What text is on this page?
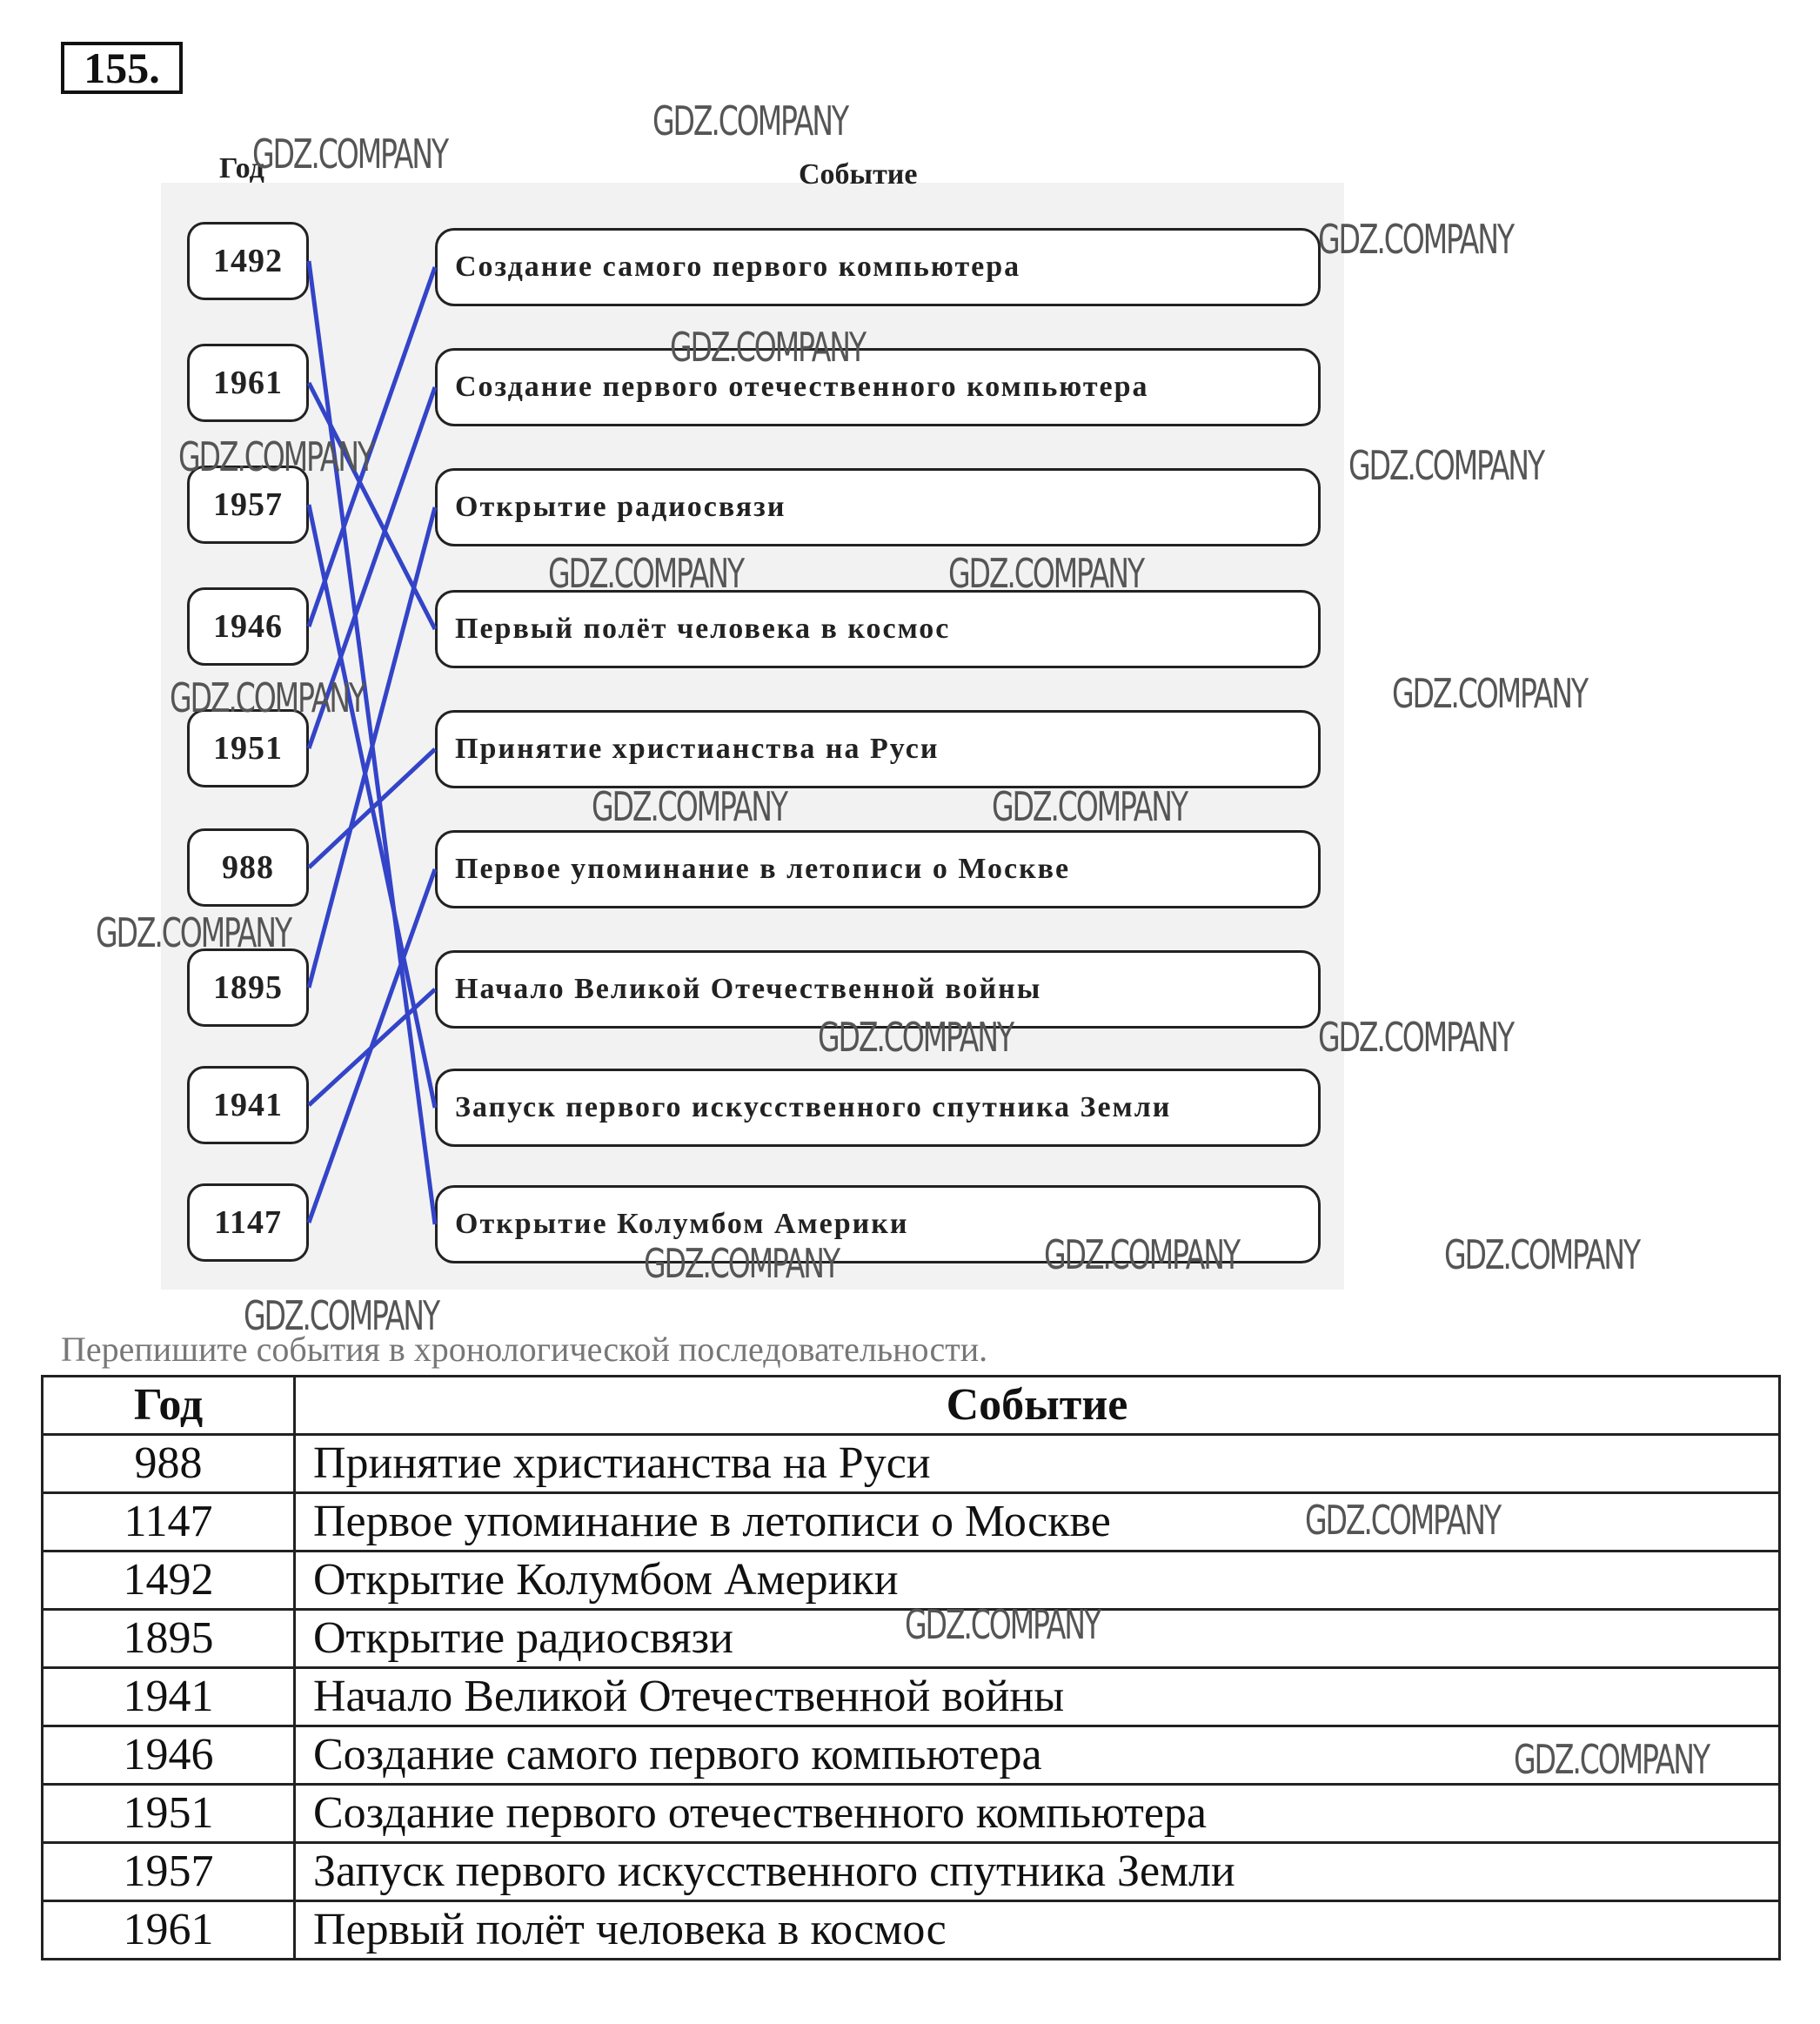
155.
Год	Событие
1492
1961
1957
1946
1951
988
1895
1941
1147
Создание самого первого компьютера
Создание первого отечественного компьютера
Открытие радиосвязи
Первый полёт человека в космос
Принятие христианства на Руси
Первое упоминание в летописи о Москве
Начало Великой Отечественной войны
Запуск первого искусственного спутника Земли
Открытие Колумбом Америки
Перепишите события в хронологической последовательности.
Год	Событие
988	Принятие христианства на Руси
1147	Первое упоминание в летописи о Москве
1492	Открытие Колумбом Америки
1895	Открытие радиосвязи
1941	Начало Великой Отечественной войны
1946	Создание самого первого компьютера
1951	Создание первого отечественного компьютера
1957	Запуск первого искусственного спутника Земли
1961	Первый полёт человека в космос
GDZ.COMPANY
GDZ.COMPANY
GDZ.COMPANY
GDZ.COMPANY
GDZ.COMPANY	GDZ.COMPANY
GDZ.COMPANY	GDZ.COMPANY
GDZ.COMPANY	GDZ.COMPANY
GDZ.COMPANY	GDZ.COMPANY
GDZ.COMPANY
GDZ.COMPANY	GDZ.COMPANY
GDZ.COMPANY	GDZ.COMPANY	GDZ.COMPANY
GDZ.COMPANY
GDZ.COMPANY
GDZ.COMPANY
GDZ.COMPANY
